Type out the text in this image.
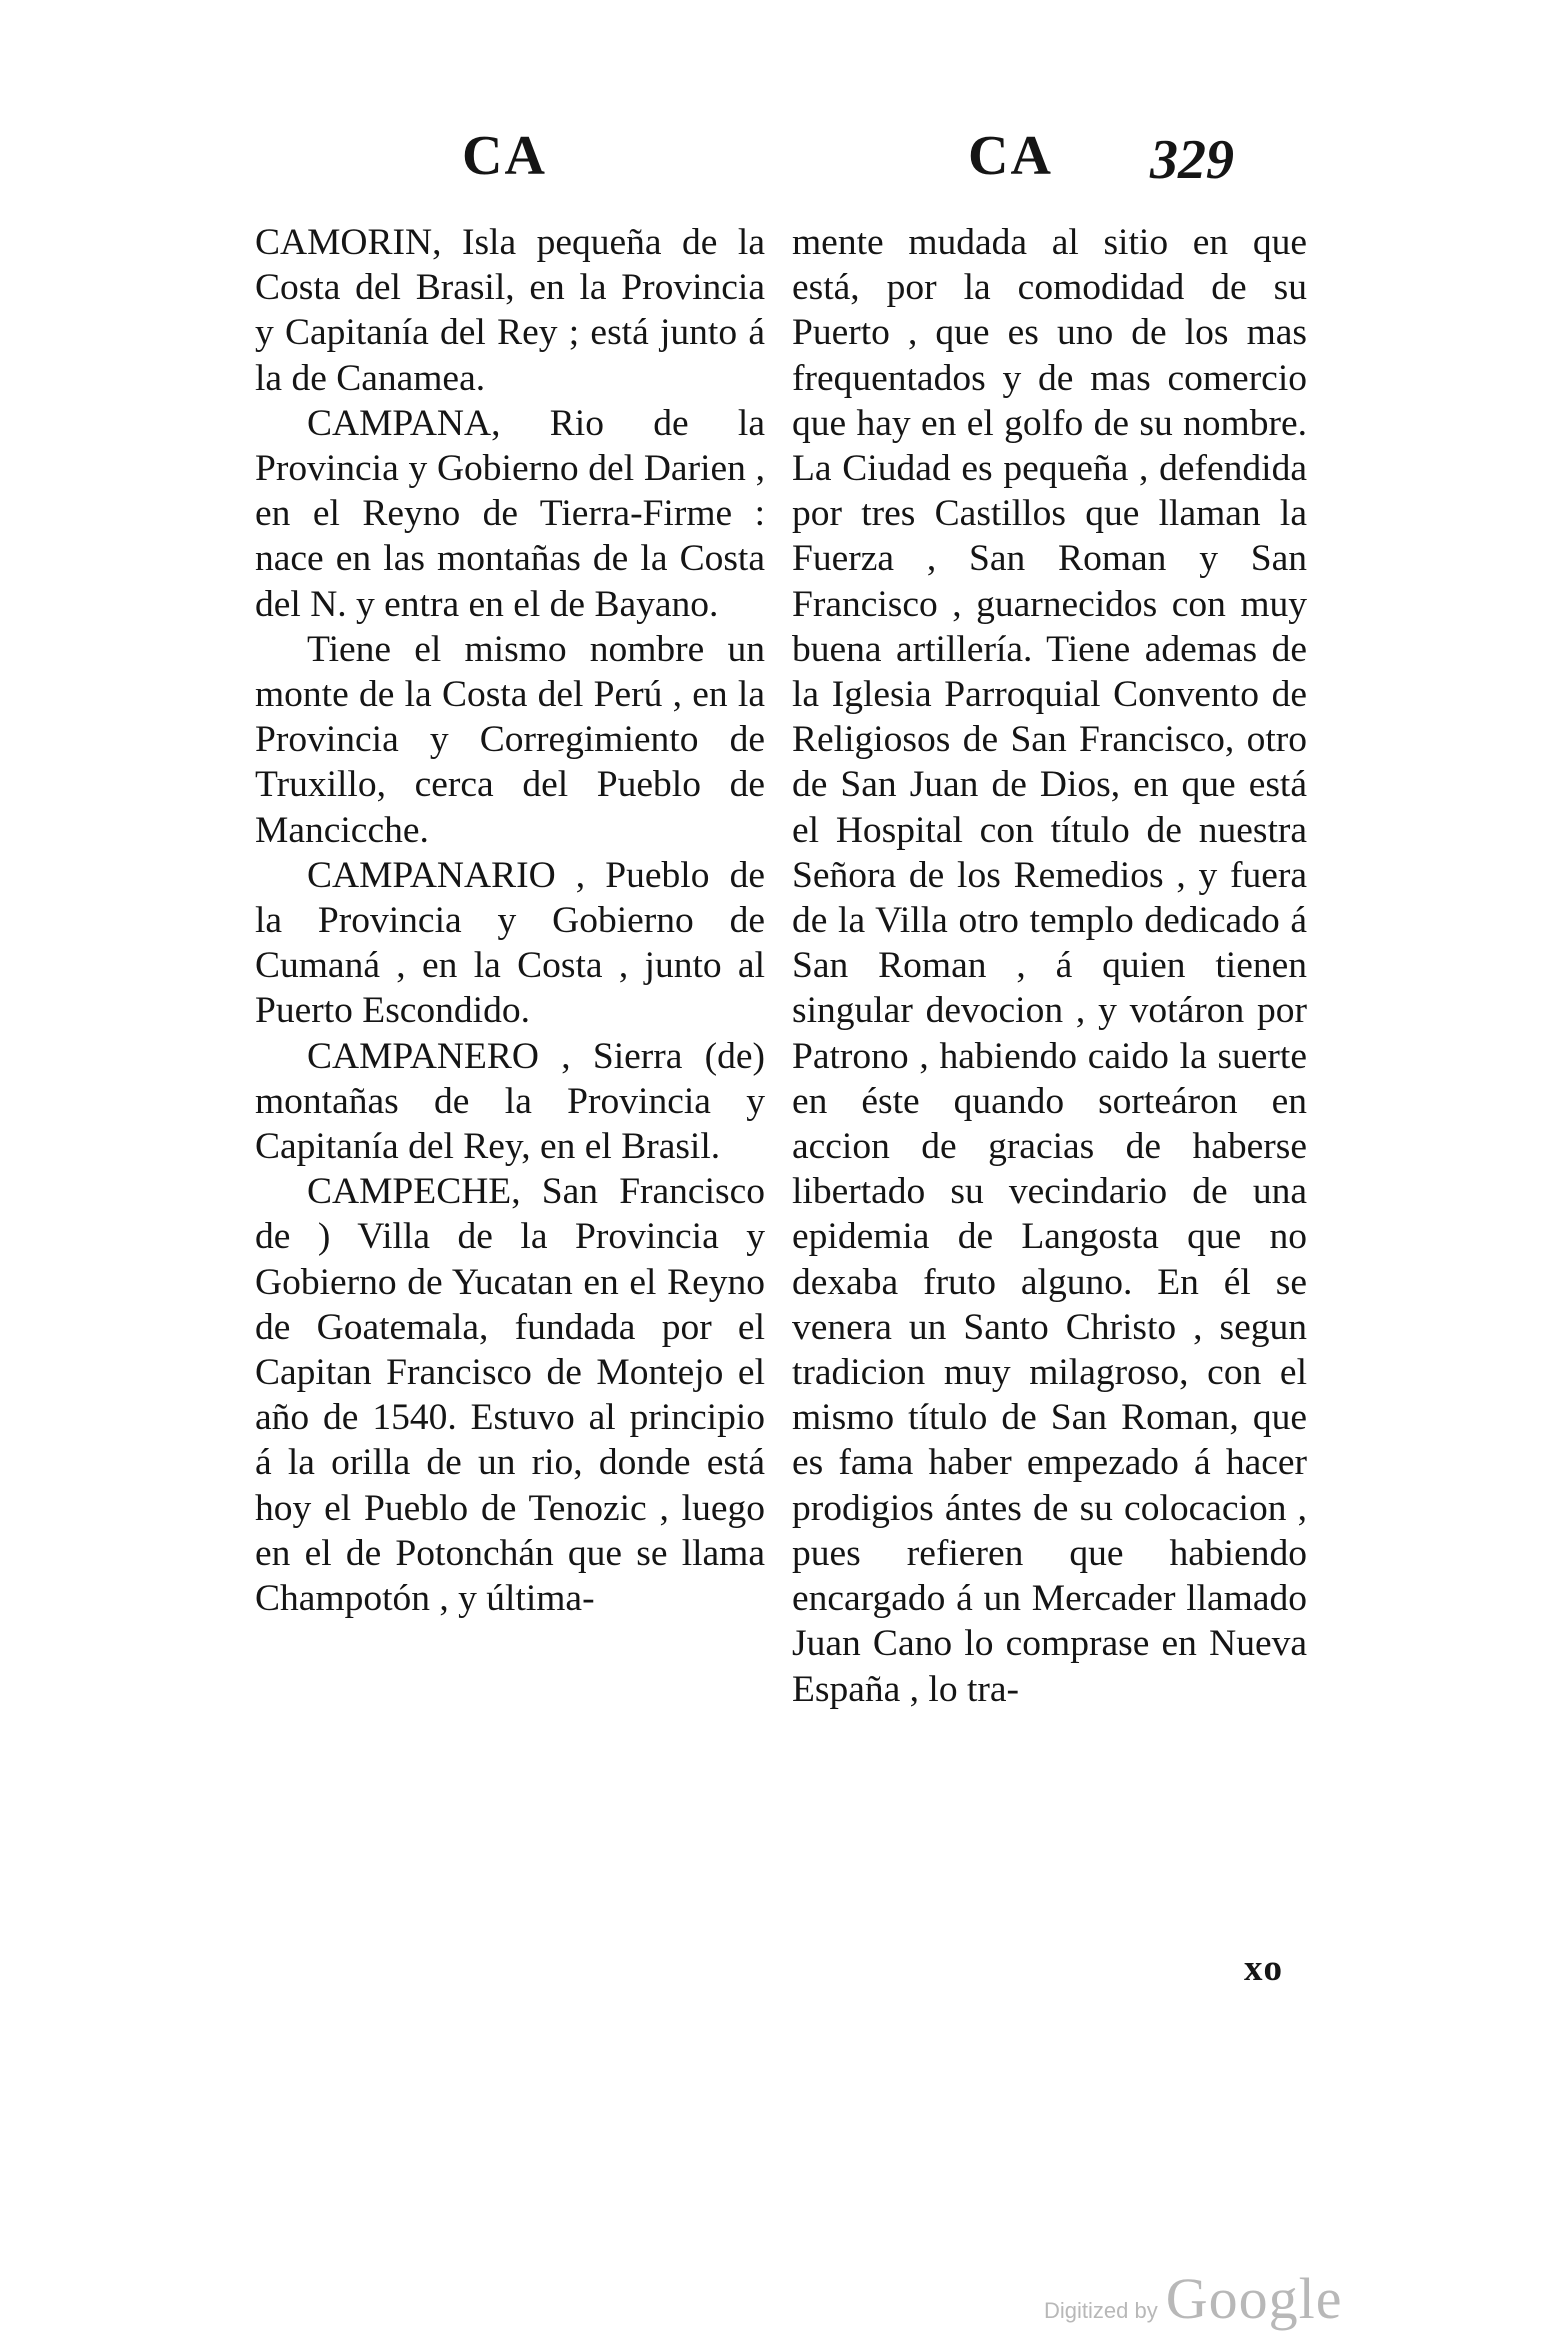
CA	CA 329

CAMORIN, Isla pequeña de la Costa del Brasil, en la Provincia y Capitanía del Rey ; está junto á la de Canamea.

CAMPANA, Rio de la Provincia y Gobierno del Darien , en el Reyno de Tierra-Firme : nace en las montañas de la Costa del N. y entra en el de Bayano.

Tiene el mismo nombre un monte de la Costa del Perú , en la Provincia y Corregimiento de Truxillo, cerca del Pueblo de Mancicche.

CAMPANARIO , Pueblo de la Provincia y Gobierno de Cumaná , en la Costa , junto al Puerto Escondido.

CAMPANERO , Sierra (de) montañas de la Provincia y Capitanía del Rey, en el Brasil.

CAMPECHE, San Francisco de ) Villa de la Provincia y Gobierno de Yucatan en el Reyno de Goatemala, fundada por el Capitan Francisco de Montejo el año de 1540. Estuvo al principio á la orilla de un rio, donde está hoy el Pueblo de Tenozic , luego en el de Potonchán que se llama Champotón , y última-

mente mudada al sitio en que está, por la comodidad de su Puerto , que es uno de los mas frequentados y de mas comercio que hay en el golfo de su nombre. La Ciudad es pequeña , defendida por tres Castillos que llaman la Fuerza , San Roman y San Francisco , guarnecidos con muy buena artillería. Tiene ademas de la Iglesia Parroquial Convento de Religiosos de San Francisco, otro de San Juan de Dios, en que está el Hospital con título de nuestra Señora de los Remedios , y fuera de la Villa otro templo dedicado á San Roman , á quien tienen singular devocion , y votáron por Patrono , habiendo caido la suerte en éste quando sorteáron en accion de gracias de haberse libertado su vecindario de una epidemia de Langosta que no dexaba fruto alguno. En él se venera un Santo Christo , segun tradicion muy milagroso, con el mismo título de San Roman, que es fama haber empezado á hacer prodigios ántes de su colocacion , pues refieren que habiendo encargado á un Mercader llamado Juan Cano lo comprase en Nueva España , lo tra-

xo
Digitized by Google
